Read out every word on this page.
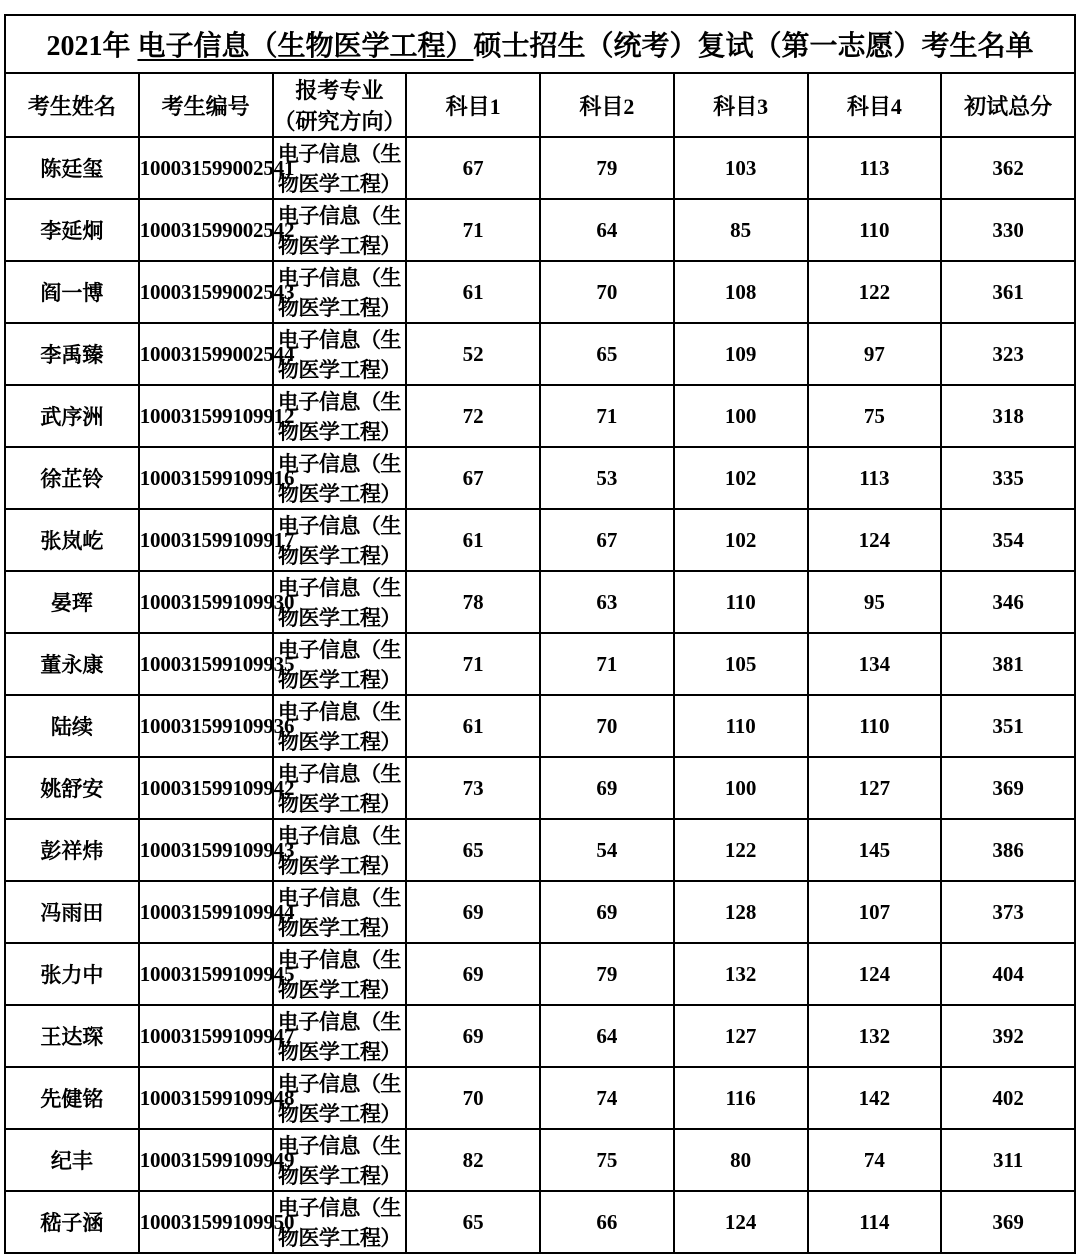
2021年 电子信息（生物医学工程）硕士招生（统考）复试（第一志愿）考生名单							
考生姓名	考生编号	报考专业（研究方向）	科目1	科目2	科目3	科目4	初试总分
陈廷玺	100031599002541	电子信息（生物医学工程）	67	79	103	113	362
李延炯	100031599002542	电子信息（生物医学工程）	71	64	85	110	330
阎一博	100031599002543	电子信息（生物医学工程）	61	70	108	122	361
李禹臻	100031599002544	电子信息（生物医学工程）	52	65	109	97	323
武序洲	100031599109912	电子信息（生物医学工程）	72	71	100	75	318
徐芷铃	100031599109916	电子信息（生物医学工程）	67	53	102	113	335
张岚屹	100031599109917	电子信息（生物医学工程）	61	67	102	124	354
晏珲	100031599109930	电子信息（生物医学工程）	78	63	110	95	346
董永康	100031599109935	电子信息（生物医学工程）	71	71	105	134	381
陆续	100031599109936	电子信息（生物医学工程）	61	70	110	110	351
姚舒安	100031599109942	电子信息（生物医学工程）	73	69	100	127	369
彭祥炜	100031599109943	电子信息（生物医学工程）	65	54	122	145	386
冯雨田	100031599109944	电子信息（生物医学工程）	69	69	128	107	373
张力中	100031599109945	电子信息（生物医学工程）	69	79	132	124	404
王达琛	100031599109947	电子信息（生物医学工程）	69	64	127	132	392
先健铭	100031599109948	电子信息（生物医学工程）	70	74	116	142	402
纪丰	100031599109949	电子信息（生物医学工程）	82	75	80	74	311
嵇子涵	100031599109950	电子信息（生物医学工程）	65	66	124	114	369
